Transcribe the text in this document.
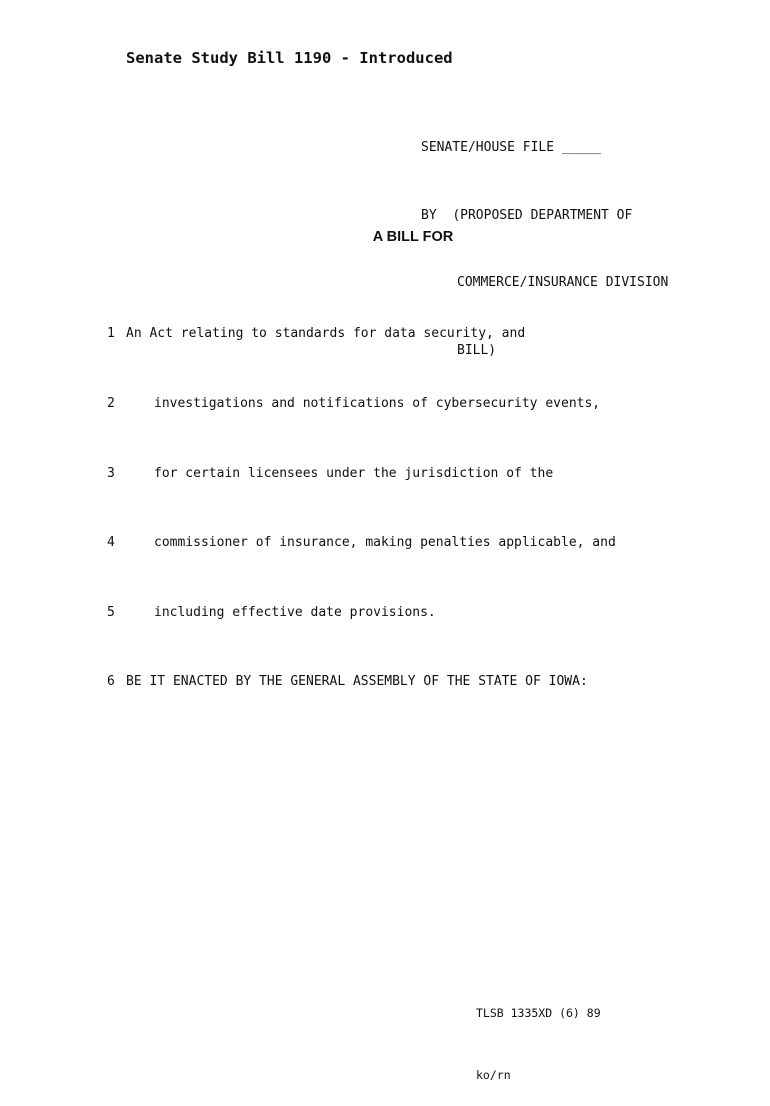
Senate Study Bill 1190 - Introduced

SENATE/HOUSE FILE _____

BY (PROPOSED DEPARTMENT OF

COMMERCE/INSURANCE DIVISION

BILL)

A BILL FOR

1 An Act relating to standards for data security, and

2	investigations and notifications of cybersecurity events,

3	for certain licensees under the jurisdiction of the

4	commissioner of insurance, making penalties applicable, and

5	including effective date provisions.

6 BE IT ENACTED BY THE GENERAL ASSEMBLY OF THE STATE OF IOWA:

TLSB 1335XD (6) 89

ko/rn
